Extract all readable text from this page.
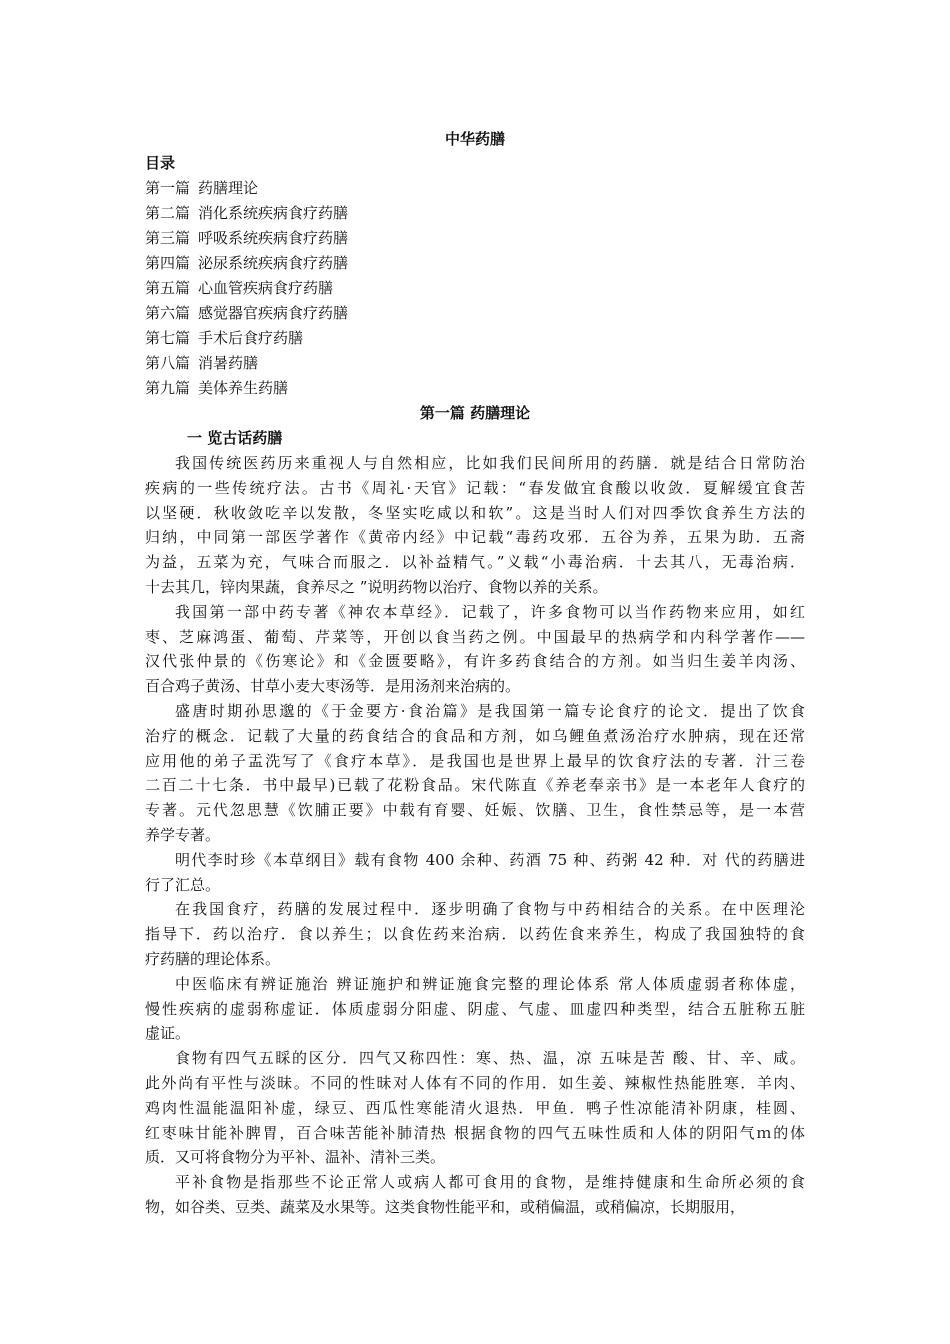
中华药膳
目录
第一篇 药膳理论
第二篇 消化系统疾病食疗药膳
第三篇 呼吸系统疾病食疗药膳
第四篇 泌尿系统疾病食疗药膳
第五篇 心血管疾病食疗药膳
第六篇 感觉器官疾病食疗药膳
第七篇 手术后食疗药膳
第八篇 消暑药膳
第九篇 美体养生药膳
第一篇 药膳理论
一 览古话药膳
我国传统医药历来重视人与自然相应，比如我们民间所用的药膳．就是结合日常防治
疾病的一些传统疗法。古书《周礼·天官》记载：“春发做宜食酸以收敛．夏解缓宜食苦
以坚硬．秋收敛吃辛以发散，冬坚实吃咸以和软”。这是当时人们对四季饮食养生方法的
归纳，中同第一部医学著作《黄帝内经》中记载“毒药攻邪．五谷为养，五果为助．五斋
为益，五菜为充，气味合而服之．以补益精气。”义载“小毒治病．十去其八，无毒治病．
十去其几，锌肉果蔬，食养尽之 ”说明药物以治疗、食物以养的关系。
我国第一部中药专著《神农本草经》．记载了，许多食物可以当作药物来应用，如红
枣、芝麻鸿蛋、葡萄、芹菜等，开创以食当药之例。中国最早的热病学和内科学著作——
汉代张仲景的《伤寒论》和《金匮要略》，有许多药食结合的方剂。如当归生姜羊肉汤、
百合鸡子黄汤、甘草小麦大枣汤等．是用汤剂来治病的。
盛唐时期孙思邈的《于金要方·食治篇》是我国第一篇专论食疗的论文．提出了饮食
治疗的概念．记载了大量的药食结合的食品和方剂，如乌鲤鱼煮汤治疗水肿病，现在还常
应用他的弟子盂洗写了《食疗本草》．是我国也是世界上最早的饮食疗法的专著．汁三卷
二百二十七条．书中最早)已载了花粉食品。宋代陈直《养老奉亲书》是一本老年人食疗的
专著。元代忽思慧《饮脯正要》中载有育婴、妊娠、饮膳、卫生，食性禁忌等，是一本营
养学专著。
明代李时珍《本草纲目》载有食物 400 余种、药酒 75 种、药粥 42 种．对 代的药膳进
行了汇总。
在我国食疗，药膳的发展过程中．逐步明确了食物与中药相结合的关系。在中医理沦
指导下．药以治疗．食以养生；以食佐药来治病．以药佐食来养生，构成了我国独特的食
疗药膳的理论体系。
中医临床有辨证施治 辨证施护和辨证施食完整的理论体系 常人体质虚弱者称体虚，
慢性疾病的虚弱称虚证．体质虚弱分阳虚、阴虚、气虚、皿虚四种类型，结合五脏称五脏
虚证。
食物有四气五睬的区分．四气又称四性：寒、热、温，凉 五味是苦 酸、甘、辛、咸。
此外尚有平性与淡昧。不同的性昧对人体有不同的作用．如生姜、辣椒性热能胜寒．羊肉、
鸡肉性温能温阳补虚，绿豆、西瓜性寒能清火退热．甲鱼．鸭子性凉能清补阴康，桂圆、
红枣味甘能补脾胃，百合味苦能补肺清热 根据食物的四气五味性质和人体的阴阳气ｍ的体
质．又可将食物分为平补、温补、清补三类。
平补食物是指那些不论正常人或病人都可食用的食物，是维持健康和生命所必须的食
物，如谷类、豆类、蔬菜及水果等。这类食物性能平和，或稍偏温，或稍偏凉，长期服用，
